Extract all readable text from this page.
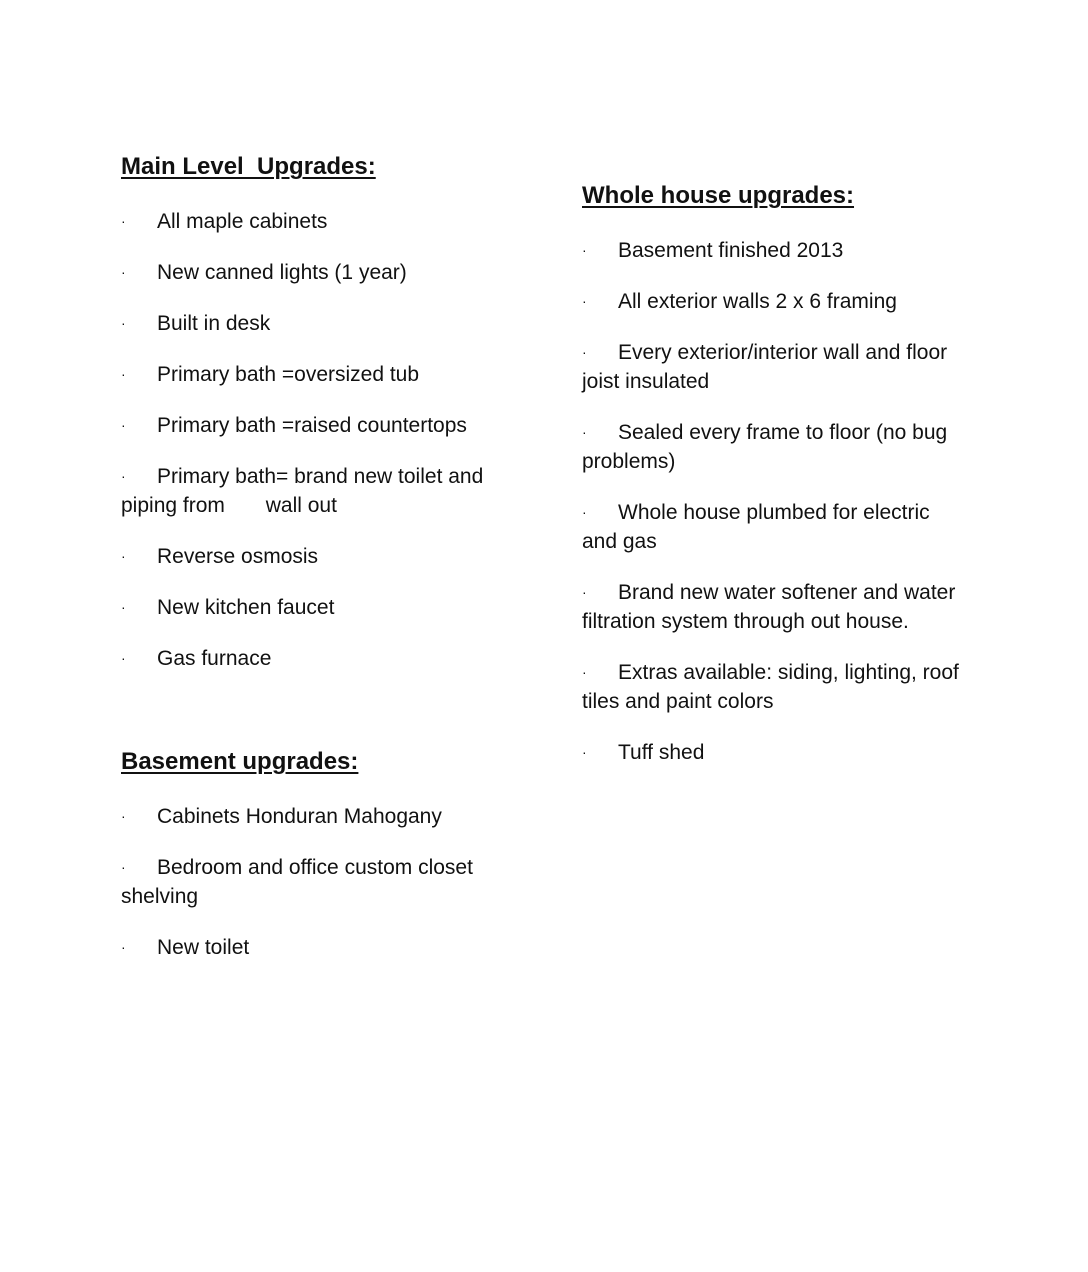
Main Level  Upgrades:
· All maple cabinets
· New canned lights (1 year)
· Built in desk
· Primary bath =oversized tub
· Primary bath =raised countertops
· Primary bath= brand new toilet and piping from wall out
· Reverse osmosis
· New kitchen faucet
· Gas furnace
Basement upgrades:
· Cabinets Honduran Mahogany
· Bedroom and office custom closet shelving
· New toilet
Whole house upgrades:
· Basement finished 2013
· All exterior walls 2 x 6 framing
· Every exterior/interior wall and floor joist insulated
· Sealed every frame to floor (no bug problems)
· Whole house plumbed for electric and gas
· Brand new water softener and water filtration system through out house.
· Extras available: siding, lighting, roof tiles and paint colors
· Tuff shed
